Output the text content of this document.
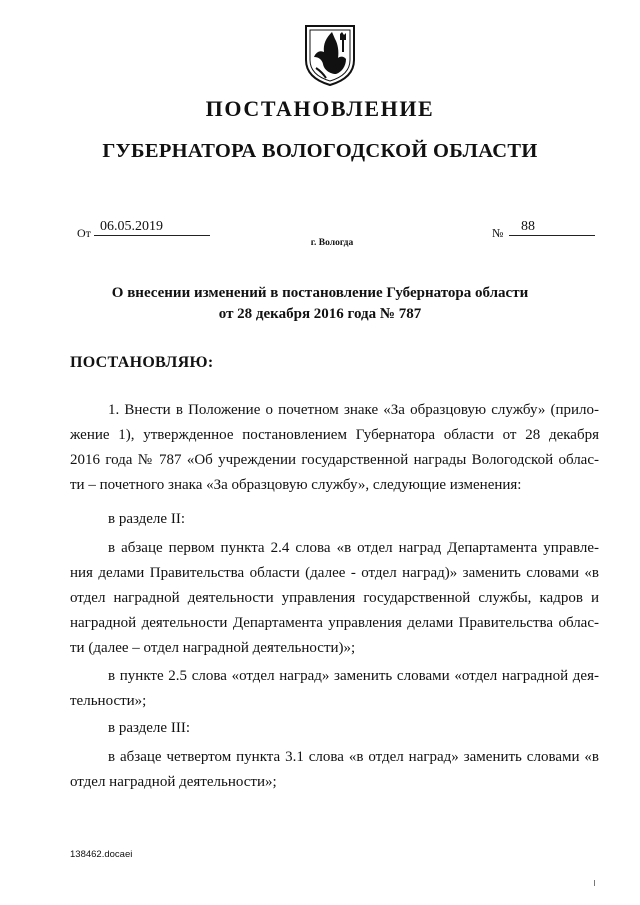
ПОСТАНОВЛЕНИЕ
ГУБЕРНАТОРА ВОЛОГОДСКОЙ ОБЛАСТИ
От 06.05.2019	№	88
г. Вологда
О внесении изменений в постановление Губернатора области
от 28 декабря 2016 года № 787
ПОСТАНОВЛЯЮ:
1. Внести в Положение о почетном знаке «За образцовую службу» (прило-
жение 1), утвержденное постановлением Губернатора области от 28 декабря
2016 года № 787 «Об учреждении государственной награды Вологодской облас-
ти – почетного знака «За образцовую службу», следующие изменения:
в разделе II:
в абзаце первом пункта 2.4 слова «в отдел наград Департамента управле-
ния делами Правительства области (далее - отдел наград)» заменить словами «в
отдел наградной деятельности управления государственной службы, кадров и
наградной деятельности Департамента управления делами Правительства облас-
ти (далее – отдел наградной деятельности)»;
в пункте 2.5 слова «отдел наград» заменить словами «отдел наградной дея-
тельности»;
в разделе III:
в абзаце четвертом пункта 3.1 слова «в отдел наград» заменить словами «в
отдел наградной деятельности»;
138462.docaei
